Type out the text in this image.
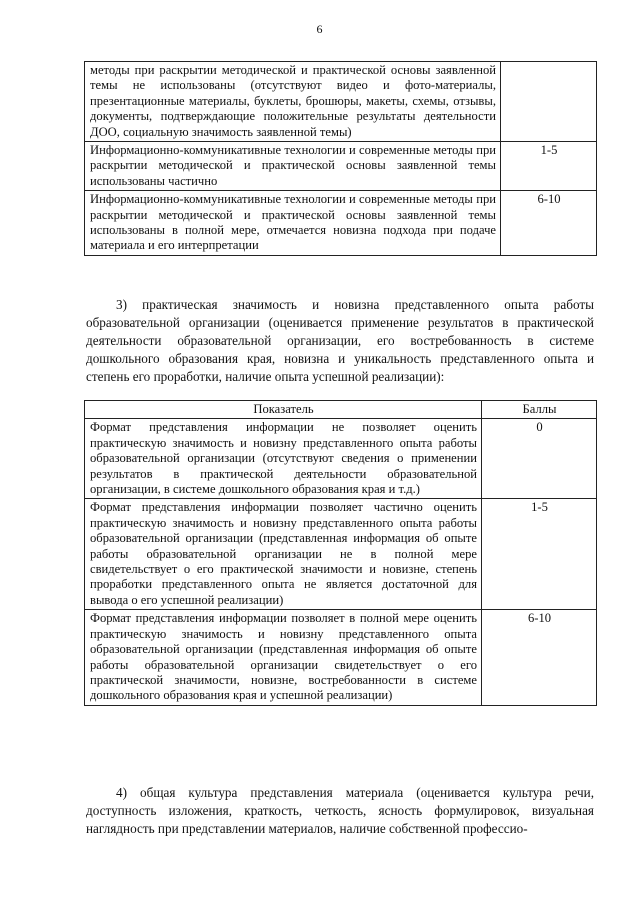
6
методы при раскрытии методической и практической основы заявленной темы не использованы (отсутствуют видео и фото-материалы, презентационные материалы, буклеты, брошюры, макеты, схемы, отзывы, документы, подтверждающие положительные результаты деятельности ДОО, социальную значимость заявленной темы)	
Информационно-коммуникативные технологии и современные методы при раскрытии методической и практической основы заявленной темы использованы частично	1-5
Информационно-коммуникативные технологии и современные методы при раскрытии методической и практической основы заявленной темы использованы в полной мере, отмечается новизна подхода при подаче материала и его интерпретации	6-10

3) практическая значимость и новизна представленного опыта работы образовательной организации (оценивается применение результатов в практической деятельности образовательной организации, его востребованность в системе дошкольного образования края, новизна и уникальность представленного опыта и степень его проработки, наличие опыта успешной реализации):

Показатель	Баллы
Формат представления информации не позволяет оценить практическую значимость и новизну представленного опыта работы образовательной организации (отсутствуют сведения о применении результатов в практической деятельности образовательной организации, в системе дошкольного образования края и т.д.)	0
Формат представления информации позволяет частично оценить практическую значимость и новизну представленного опыта работы образовательной организации (представленная информация об опыте работы образовательной организации не в полной мере свидетельствует о его практической значимости и новизне, степень проработки представленного опыта не является достаточной для вывода о его успешной реализации)	1-5
Формат представления информации позволяет в полной мере оценить практическую значимость и новизну представленного опыта образовательной организации (представленная информация об опыте работы образовательной организации свидетельствует о его практической значимости, новизне, востребованности в системе дошкольного образования края и успешной реализации)	6-10

4) общая культура представления материала (оценивается культура речи, доступность изложения, краткость, четкость, ясность формулировок, визуальная наглядность при представлении материалов, наличие собственной профессио-
